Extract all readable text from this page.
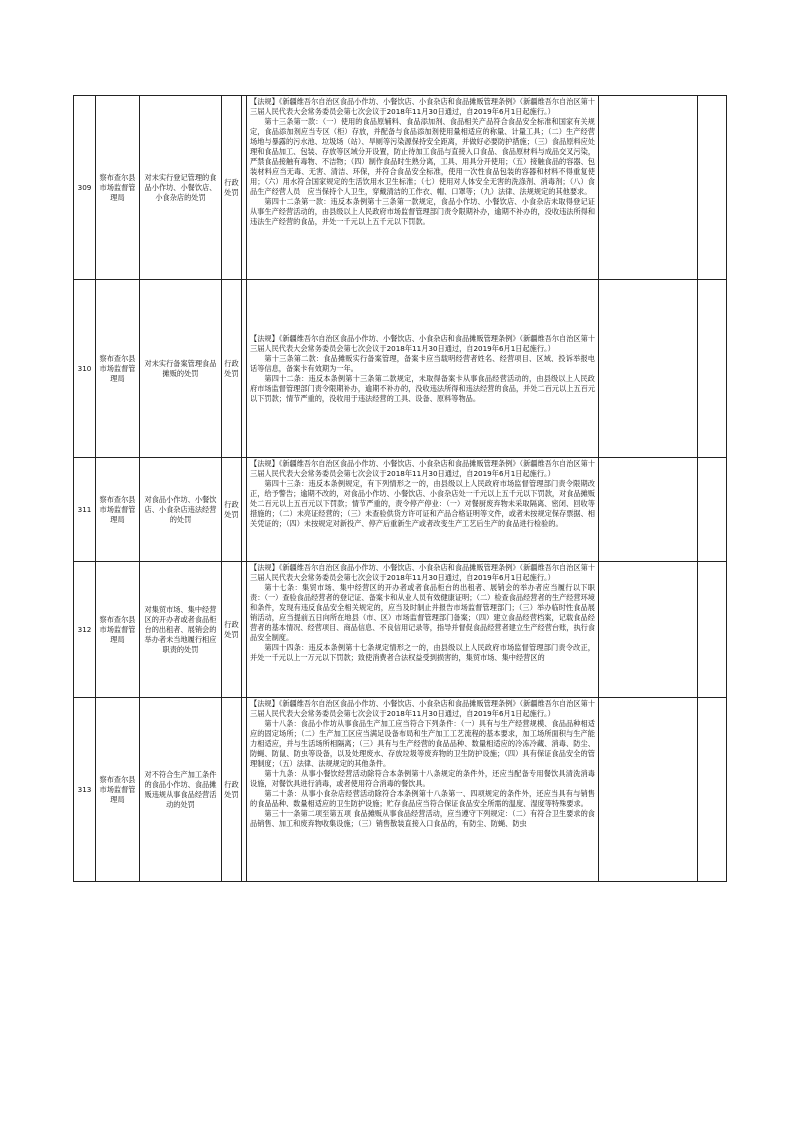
309	察布查尔县市场监督管理局	对未实行登记管理的食品小作坊、小餐饮店、小食杂店的处罚	行政处罚		【法规】《新疆维吾尔自治区食品小作坊、小餐饮店、小食杂店和食品摊贩管理条例》（新疆维吾尔自治区第十三届人民代表大会常务委员会第七次会议于2018年11月30日通过，自2019年6月1日起施行。）

第十三条第一款：（一）使用的食品原辅料、食品添加剂、食品相关产品符合食品安全标准和国家有关规定，食品添加剂应当专区（柜）存放，并配备与食品添加剂使用量相适应的称量、计量工具；（二）生产经营场地与暴露的污水池、垃圾场（站）、旱厕等污染源保持安全距离，并做好必要防护措施；（三）食品原料应处理和食品加工、包装、存放等区域分开设置，防止待加工食品与直接入口食品、食品原材料与成品交叉污染，严禁食品接触有毒物、不洁物；（四）制作食品时生熟分离，工具、用具分开使用；（五）接触食品的容器、包装材料应当无毒、无害、清洁、环保，并符合食品安全标准，使用一次性食品包装的容器和材料不得重复使用；（六）用水符合国家规定的生活饮用水卫生标准；（七）使用对人体安全无害的洗涤剂、消毒剂；（八）食品生产经营人员　应当保持个人卫生，穿戴清洁的工作衣、帽、口罩等；（九）法律、法规规定的其他要求。

第四十二条第一款：违反本条例第十三条第一款规定，食品小作坊、小餐饮店、小食杂店未取得登记证从事生产经营活动的，由县级以上人民政府市场监督管理部门责令限期补办，逾期不补办的，没收违法所得和违法生产经营的食品，并处一千元以上五千元以下罚款。		

310	察布查尔县市场监督管理局	对未实行备案管理食品摊贩的处罚	行政处罚		【法规】《新疆维吾尔自治区食品小作坊、小餐饮店、小食杂店和食品摊贩管理条例》（新疆维吾尔自治区第十三届人民代表大会常务委员会第七次会议于2018年11月30日通过，自2019年6月1日起施行。）

第十三条第二款：食品摊贩实行备案管理，备案卡应当载明经营者姓名、经营项目、区域、投诉举报电话等信息，备案卡有效期为一年。

第四十二条：违反本条例第十三条第二款规定，未取得备案卡从事食品经营活动的，由县级以上人民政府市场监督管理部门责令限期补办，逾期不补办的，没收违法所得和违法经营的食品，并处二百元以上五百元以下罚款；情节严重的，没收用于违法经营的工具、设备、原料等物品。		

311	察布查尔县市场监督管理局	对食品小作坊、小餐饮店、小食杂店违法经营的处罚	行政处罚		【法规】《新疆维吾尔自治区食品小作坊、小餐饮店、小食杂店和食品摊贩管理条例》（新疆维吾尔自治区第十三届人民代表大会常务委员会第七次会议于2018年11月30日通过，自2019年6月1日起施行。）

第四十三条：违反本条例规定，有下列情形之一的，由县级以上人民政府市场监督管理部门责令限期改正，给予警告；逾期不改的，对食品小作坊、小餐饮店、小食杂店处一千元以上五千元以下罚款，对食品摊贩处二百元以上五百元以下罚款；情节严重的，责令停产停业：（一）对餐厨废弃物未采取隔离、密闭、回收等措施的；（二）未亮证经营的；（三）未查验供货方许可证和产品合格证明等文件，或者未按规定保存票据、相关凭证的；（四）未按规定对新投产、停产后重新生产或者改变生产工艺后生产的食品进行检验的。		

312	察布查尔县市场监督管理局	对集贸市场、集中经营区的开办者或者食品柜台的出租者、展销会的举办者未当地履行相应职责的处罚	行政处罚		【法规】《新疆维吾尔自治区食品小作坊、小餐饮店、小食杂店和食品摊贩管理条例》（新疆维吾尔自治区第十三届人民代表大会常务委员会第七次会议于2018年11月30日通过，自2019年6月1日起施行。）

第十七条：集贸市场、集中经营区的开办者或者食品柜台的出租者、展销会的举办者应当履行以下职责：（一）查验食品经营者的登记证、备案卡和从业人员有效健康证明；（二）检查食品经营者的生产经营环境和条件，发现有违反食品安全相关规定的，应当及时制止并报告市场监督管理部门；（三）举办临时性食品展销活动，应当提前五日向所在地县（市、区）市场监督管理部门备案；（四）建立食品经营档案，记载食品经营者的基本情况、经营项目、商品信息、不良信用记录等，指导并督促食品经营者建立生产经营台账，执行食品安全制度。

第四十四条：违反本条例第十七条规定情形之一的，由县级以上人民政府市场监督管理部门责令改正，并处一千元以上一万元以下罚款；致使消费者合法权益受到损害的，集贸市场、集中经营区的		

313	察布查尔县市场监督管理局	对不符合生产加工条件的食品小作坊、食品摊贩违规从事食品经营活动的处罚	行政处罚		【法规】《新疆维吾尔自治区食品小作坊、小餐饮店、小食杂店和食品摊贩管理条例》（新疆维吾尔自治区第十三届人民代表大会常务委员会第七次会议于2018年11月30日通过，自2019年6月1日起施行。）

第十八条：食品小作坊从事食品生产加工应当符合下列条件：（一）具有与生产经营规模、食品品种相适应的固定场所；（二）生产加工区应当满足设备布局和生产加工工艺流程的基本要求，加工场所面积与生产能力相适应，并与生活场所相隔离；（三）具有与生产经营的食品品种、数量相适应的冷冻冷藏、消毒、防尘、防蝇、防鼠、防虫等设备，以及处理废水、存放垃圾等废弃物的卫生防护设施；（四）具有保证食品安全的管理制度；（五）法律、法规规定的其他条件。

第十九条：从事小餐饮经营活动除符合本条例第十八条规定的条件外，还应当配备专用餐饮具清洗消毒设施，对餐饮具进行消毒，或者使用符合消毒的餐饮具。

第二十条：从事小食杂店经营活动除符合本条例第十八条第一、四项规定的条件外，还应当具有与销售的食品品种、数量相适应的卫生防护设施；贮存食品应当符合保证食品安全所需的温度、湿度等特殊要求。

第三十一条第二项至第五项 食品摊贩从事食品经营活动，应当遵守下列规定：（二）有符合卫生要求的食品销售、加工和废弃物收集设施；（三）销售散装直接入口食品的，有防尘、防蝇、防虫		
